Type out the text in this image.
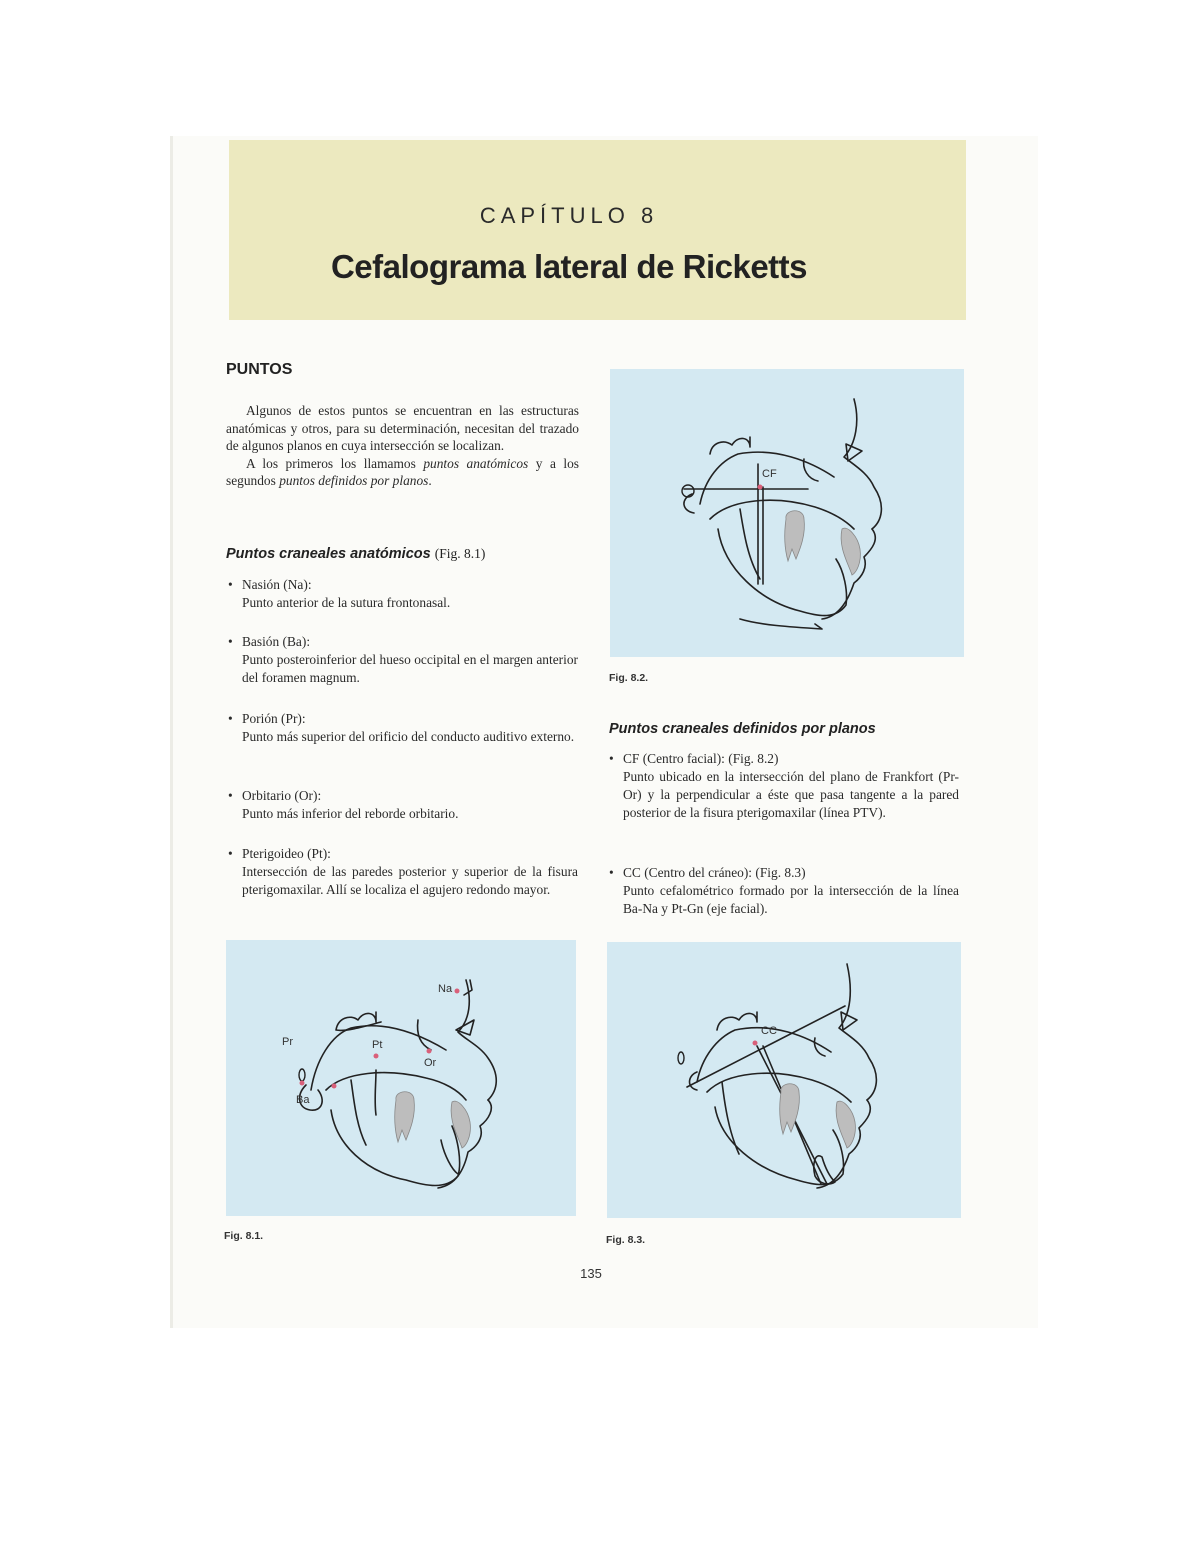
CAPÍTULO 8
Cefalograma lateral de Ricketts
PUNTOS

Algunos de estos puntos se encuentran en las estructuras anatómicas y otros, para su determinación, necesitan del trazado de algunos planos en cuya intersección se localizan.

A los primeros los llamamos puntos anatómicos y a los segundos puntos definidos por planos.

Puntos craneales anatómicos (Fig. 8.1)
• Nasión (Na):
Punto anterior de la sutura frontonasal.
• Basión (Ba):
Punto posteroinferior del hueso occipital en el margen anterior del foramen magnum.
• Porión (Pr):
Punto más superior del orificio del conducto auditivo externo.
• Orbitario (Or):
Punto más inferior del reborde orbitario.
• Pterigoideo (Pt):
Intersección de las paredes posterior y superior de la fisura pterigomaxilar. Allí se localiza el agujero redondo mayor.
Na
Pr	Pt
Or
Ba
Fig. 8.1.
CF
Fig. 8.2.
Puntos craneales definidos por planos
• CF (Centro facial): (Fig. 8.2)
Punto ubicado en la intersección del plano de Frankfort (Pr-Or) y la perpendicular a éste que pasa tangente a la pared posterior de la fisura pterigomaxilar (línea PTV).
• CC (Centro del cráneo): (Fig. 8.3)
Punto cefalométrico formado por la intersección de la línea Ba-Na y Pt-Gn (eje facial).
CC
Fig. 8.3.
135
